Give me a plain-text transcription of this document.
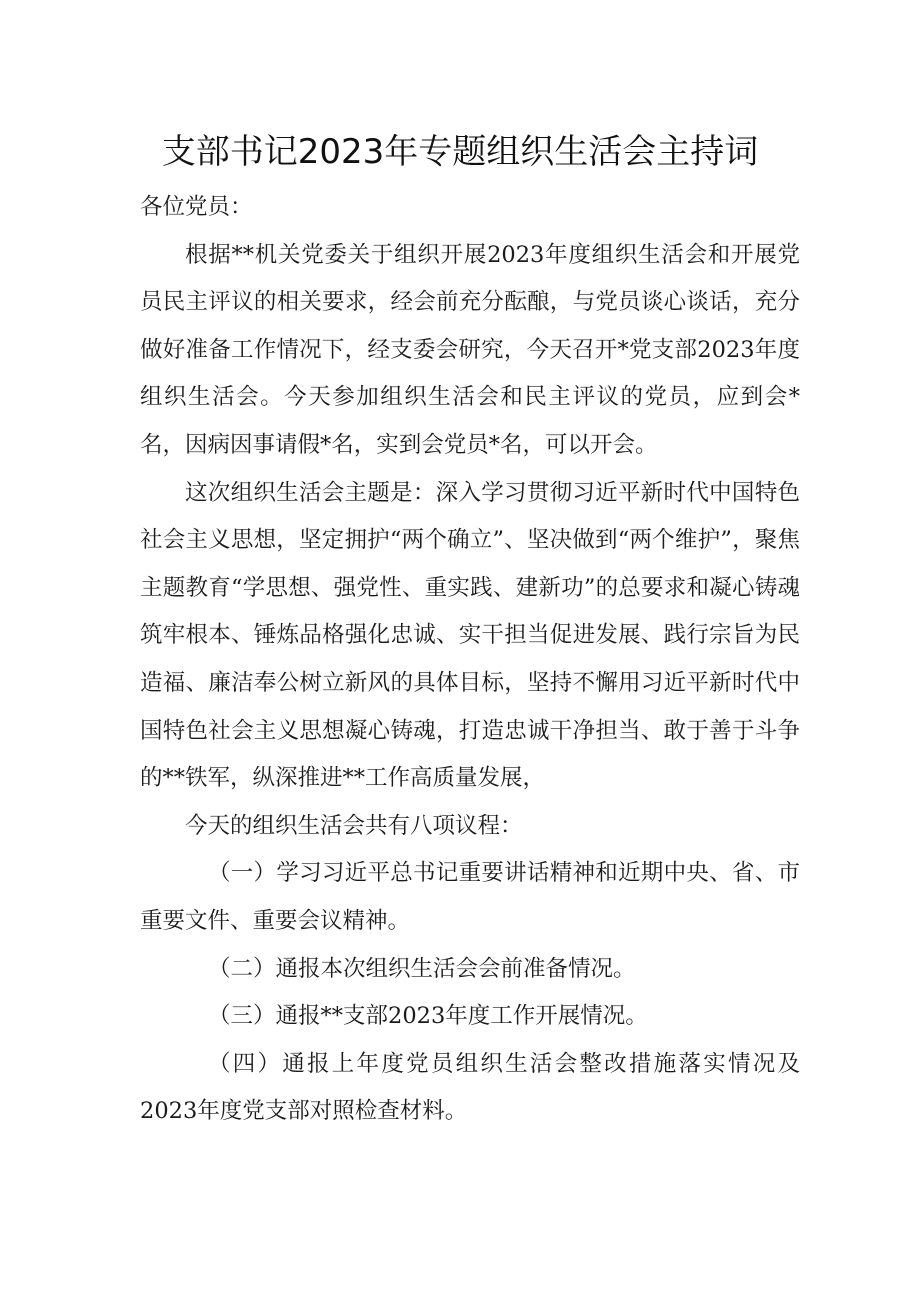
支部书记2023年专题组织生活会主持词

各位党员：

根据**机关党委关于组织开展2023年度组织生活会和开展党员民主评议的相关要求，经会前充分酝酿，与党员谈心谈话，充分做好准备工作情况下，经支委会研究，今天召开*党支部2023年度组织生活会。今天参加组织生活会和民主评议的党员，应到会*名，因病因事请假*名，实到会党员*名，可以开会。

这次组织生活会主题是：深入学习贯彻习近平新时代中国特色社会主义思想，坚定拥护“两个确立”、坚决做到“两个维护”，聚焦主题教育“学思想、强党性、重实践、建新功”的总要求和凝心铸魂筑牢根本、锤炼品格强化忠诚、实干担当促进发展、践行宗旨为民造福、廉洁奉公树立新风的具体目标，坚持不懈用习近平新时代中国特色社会主义思想凝心铸魂，打造忠诚干净担当、敢于善于斗争的**铁军，纵深推进**工作高质量发展，

今天的组织生活会共有八项议程：

（一）学习习近平总书记重要讲话精神和近期中央、省、市重要文件、重要会议精神。

（二）通报本次组织生活会会前准备情况。

（三）通报**支部2023年度工作开展情况。

（四）通报上年度党员组织生活会整改措施落实情况及2023年度党支部对照检查材料。
